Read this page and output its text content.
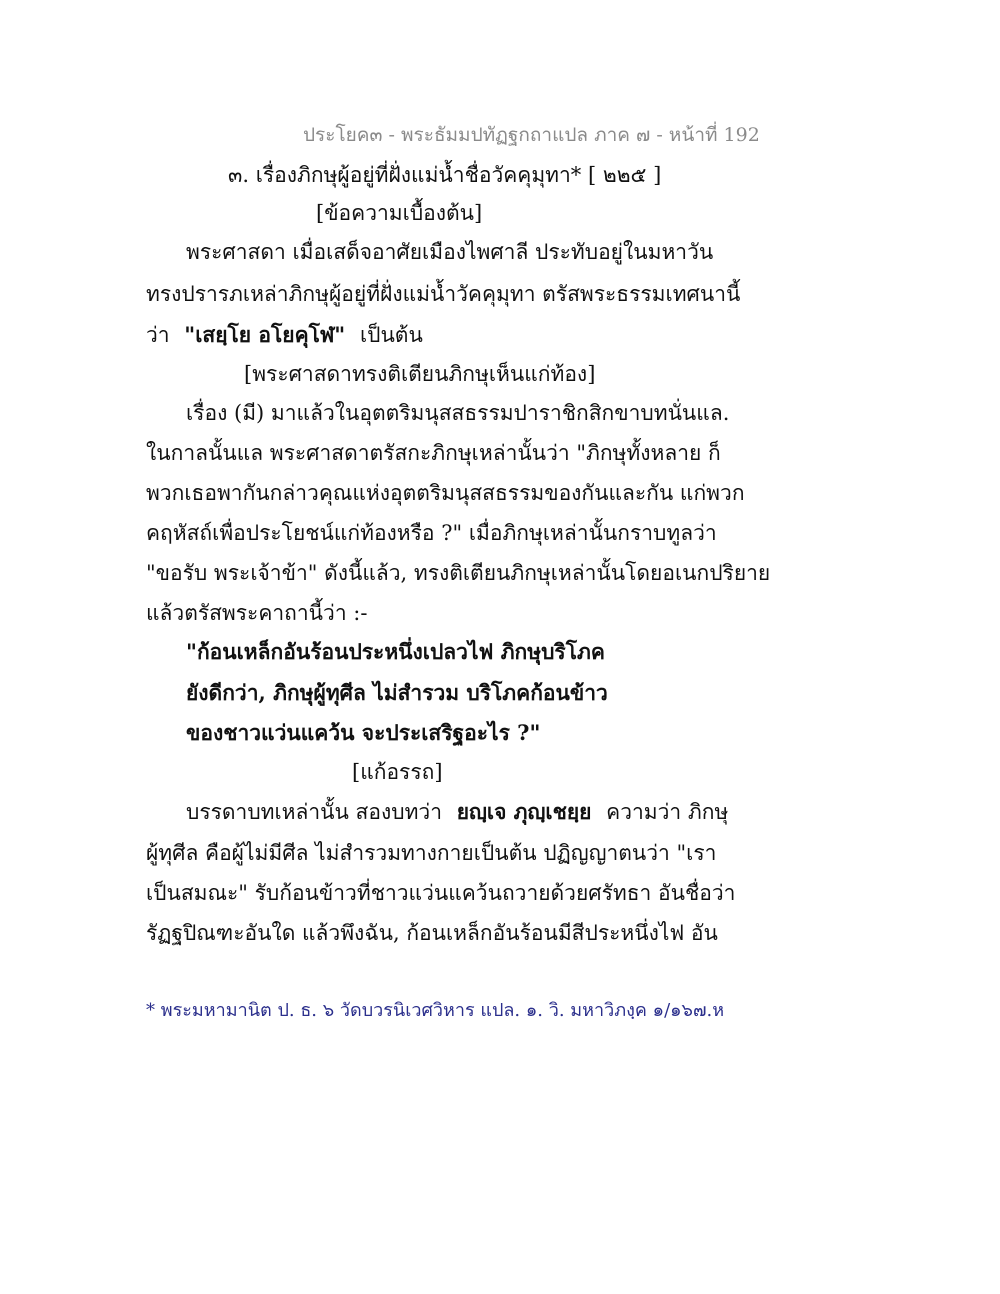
ประโยค๓ - พระธัมมปทัฏฐกถาแปล ภาค ๗ - หน้าที่ 192
๓. เรื่องภิกษุผู้อยู่ที่ฝั่งแม่น้ำชื่อวัคคุมุทา* [ ๒๒๕ ]
[ข้อความเบื้องต้น]
พระศาสดา เมื่อเสด็จอาศัยเมืองไพศาลี ประทับอยู่ในมหาวัน
ทรงปรารภเหล่าภิกษุผู้อยู่ที่ฝั่งแม่น้ำวัคคุมุทา ตรัสพระธรรมเทศนานี้
ว่า "เสยฺโย อโยคุโฬ" เป็นต้น
[พระศาสดาทรงติเตียนภิกษุเห็นแก่ท้อง]
เรื่อง (มี) มาแล้วในอุตตริมนุสสธรรมปาราชิกสิกขาบทนั่นแล.
ในกาลนั้นแล พระศาสดาตรัสกะภิกษุเหล่านั้นว่า "ภิกษุทั้งหลาย ก็
พวกเธอพากันกล่าวคุณแห่งอุตตริมนุสสธรรมของกันและกัน แก่พวก
คฤหัสถ์เพื่อประโยชน์แก่ท้องหรือ ?" เมื่อภิกษุเหล่านั้นกราบทูลว่า
"ขอรับ พระเจ้าข้า" ดังนี้แล้ว, ทรงติเตียนภิกษุเหล่านั้นโดยอเนกปริยาย
แล้วตรัสพระคาถานี้ว่า :-
"ก้อนเหล็กอันร้อนประหนึ่งเปลวไฟ ภิกษุบริโภค
ยังดีกว่า, ภิกษุผู้ทุศีล ไม่สำรวม บริโภคก้อนข้าว
ของชาวแว่นแคว้น จะประเสริฐอะไร ?"
[แก้อรรถ]
บรรดาบทเหล่านั้น สองบทว่า ยญฺเจ ภุญฺเชยฺย ความว่า ภิกษุ
ผู้ทุศีล คือผู้ไม่มีศีล ไม่สำรวมทางกายเป็นต้น ปฏิญญาตนว่า "เรา
เป็นสมณะ" รับก้อนข้าวที่ชาวแว่นแคว้นถวายด้วยศรัทธา อันชื่อว่า
รัฏฐปิณฑะอันใด แล้วพึงฉัน, ก้อนเหล็กอันร้อนมีสีประหนึ่งไฟ อัน
* พระมหามานิต ป. ธ. ๖ วัดบวรนิเวศวิหาร แปล. ๑. วิ. มหาวิภงฺค ๑/๑๖๗.ห
